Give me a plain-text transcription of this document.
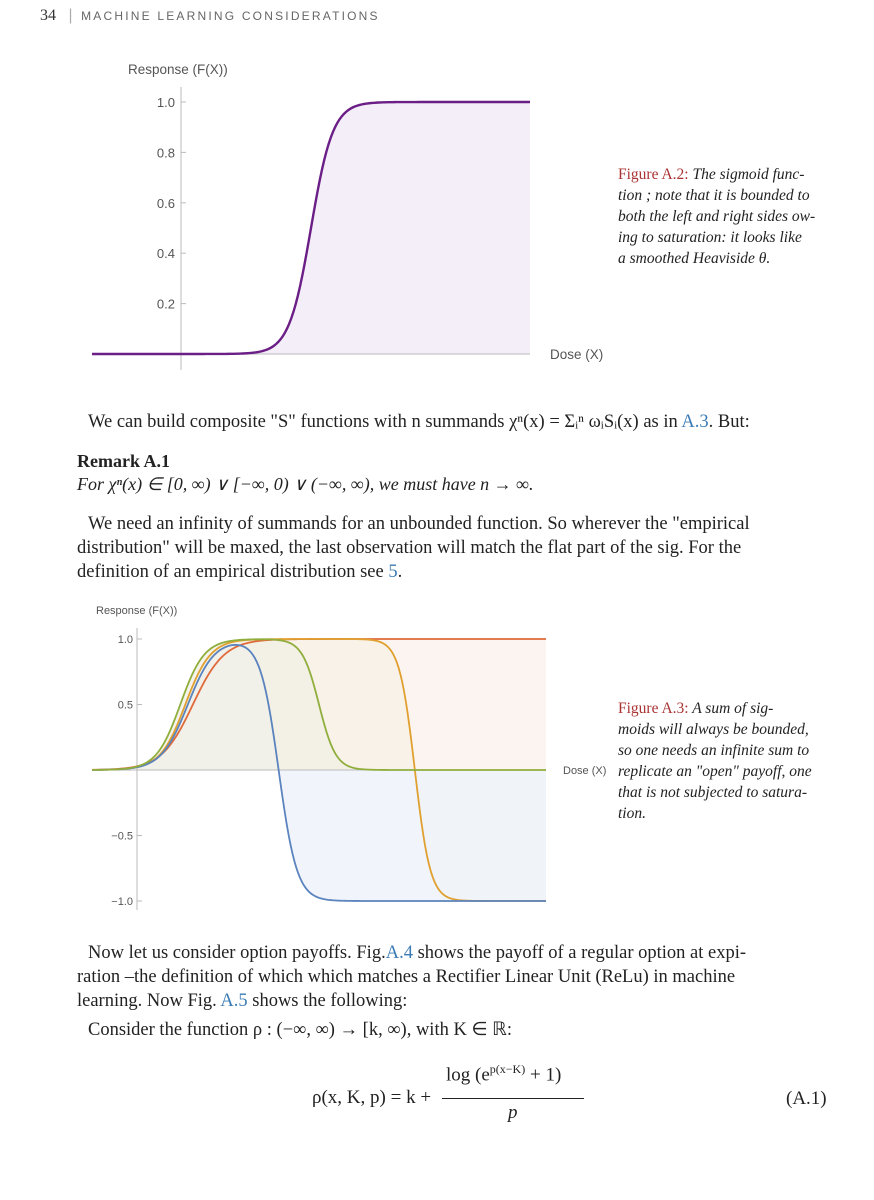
34 | MACHINE LEARNING CONSIDERATIONS
Response (F(X))
Dose (X)
1.0
0.8
0.6
0.4
0.2
Figure A.2: The sigmoid func-
tion ; note that it is bounded to
both the left and right sides ow-
ing to saturation: it looks like
a smoothed Heaviside θ.
We can build composite "S" functions with n summands χⁿ(x) = Σᵢⁿ ωᵢSᵢ(x) as in A.3. But:
Remark A.1
For χⁿ(x) ∈ [0, ∞) ∨ [−∞, 0) ∨ (−∞, ∞), we must have n → ∞.
We need an infinity of summands for an unbounded function. So wherever the "empirical
distribution" will be maxed, the last observation will match the flat part of the sig. For the
definition of an empirical distribution see 5.
Response (F(X))
Dose (X)
1.0
0.5
−0.5
−1.0
Figure A.3: A sum of sig-
moids will always be bounded,
so one needs an infinite sum to
replicate an "open" payoff, one
that is not subjected to satura-
tion.
Now let us consider option payoffs. Fig.A.4 shows the payoff of a regular option at expi-
ration –the definition of which which matches a Rectifier Linear Unit (ReLu) in machine
learning. Now Fig. A.5 shows the following:
Consider the function ρ : (−∞, ∞) → [k, ∞), with K ∈ ℝ:
ρ(x, K, p) = k +
$\log (e^{p(x-K)} + 1)$
p
(A.1)
